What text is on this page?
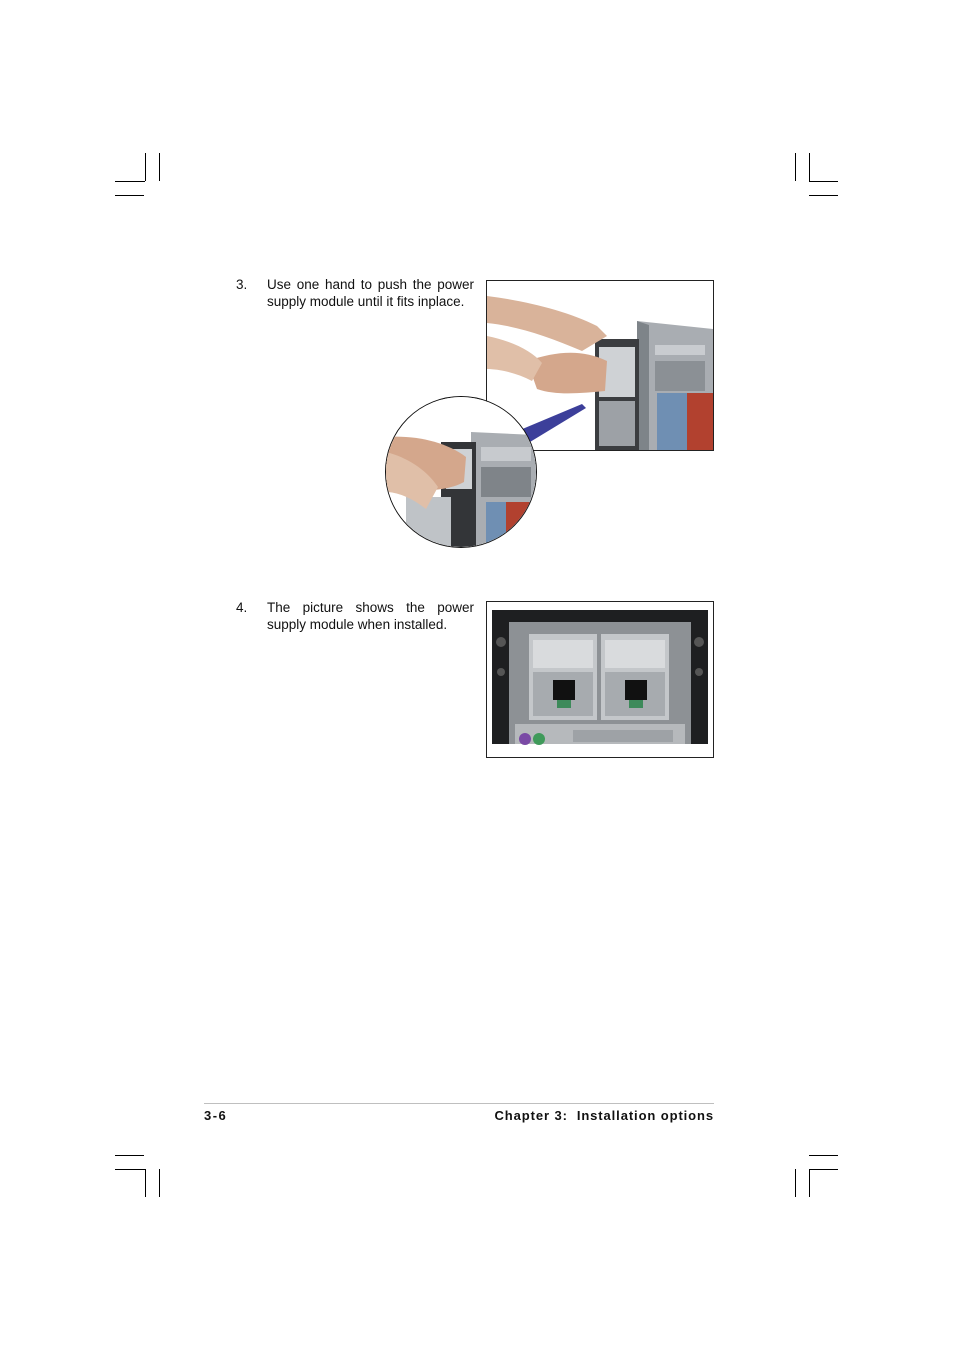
3. Use one hand to push the power supply module until it fits inplace.
4. The picture shows the power supply module when installed.
3-6	Chapter 3:  Installation options
